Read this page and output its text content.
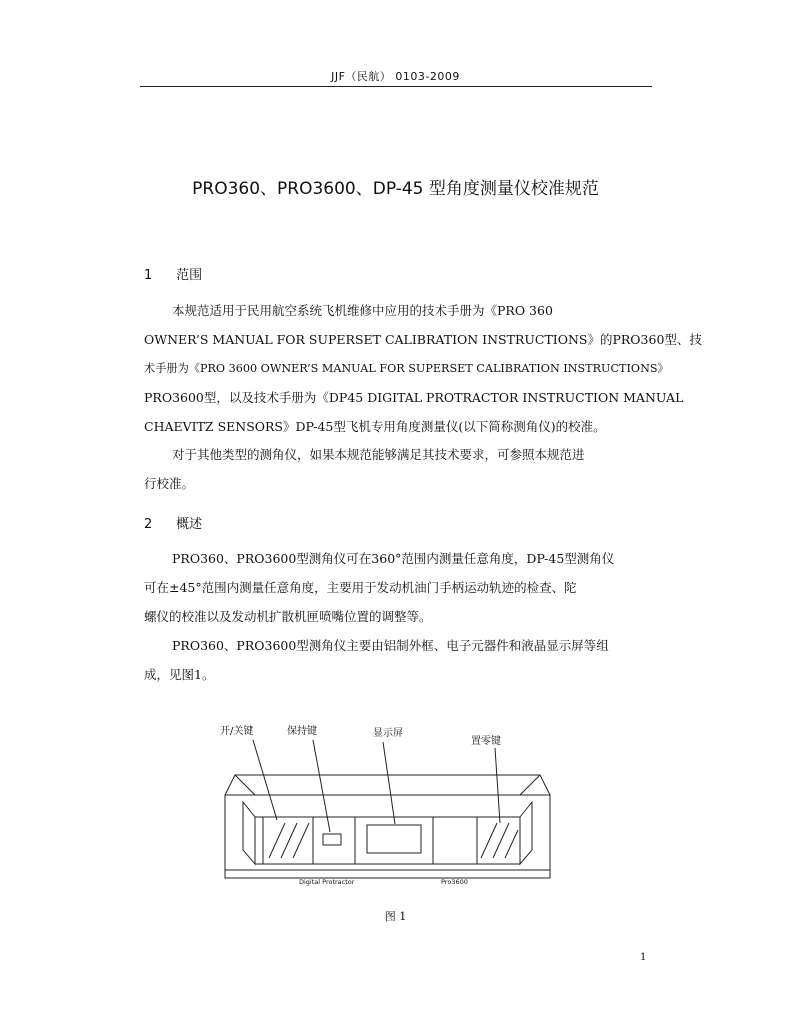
JJF（民航） 0103-2009
PRO360、PRO3600、DP-45 型角度测量仪校准规范
1 范围
本规范适用于民用航空系统飞机维修中应用的技术手册为《PRO 360
OWNER’S MANUAL FOR SUPERSET CALIBRATION INSTRUCTIONS》的PRO360型、技
术手册为《PRO 3600 OWNER’S MANUAL FOR SUPERSET CALIBRATION INSTRUCTIONS》
PRO3600型，以及技术手册为《DP45 DIGITAL PROTRACTOR INSTRUCTION MANUAL
CHAEVITZ SENSORS》DP-45型飞机专用角度测量仪(以下简称测角仪)的校准。
对于其他类型的测角仪，如果本规范能够满足其技术要求，可参照本规范进
行校准。
2 概述
PRO360、PRO3600型测角仪可在360°范围内测量任意角度，DP-45型测角仪
可在±45°范围内测量任意角度，主要用于发动机油门手柄运动轨迹的检查、陀
螺仪的校准以及发动机扩散机匣喷嘴位置的调整等。
PRO360、PRO3600型测角仪主要由铝制外框、电子元器件和液晶显示屏等组
成，见图1。
开/关键	保持键	显示屏
置零键
Digital Protractor	Pro3600
图 1
1
